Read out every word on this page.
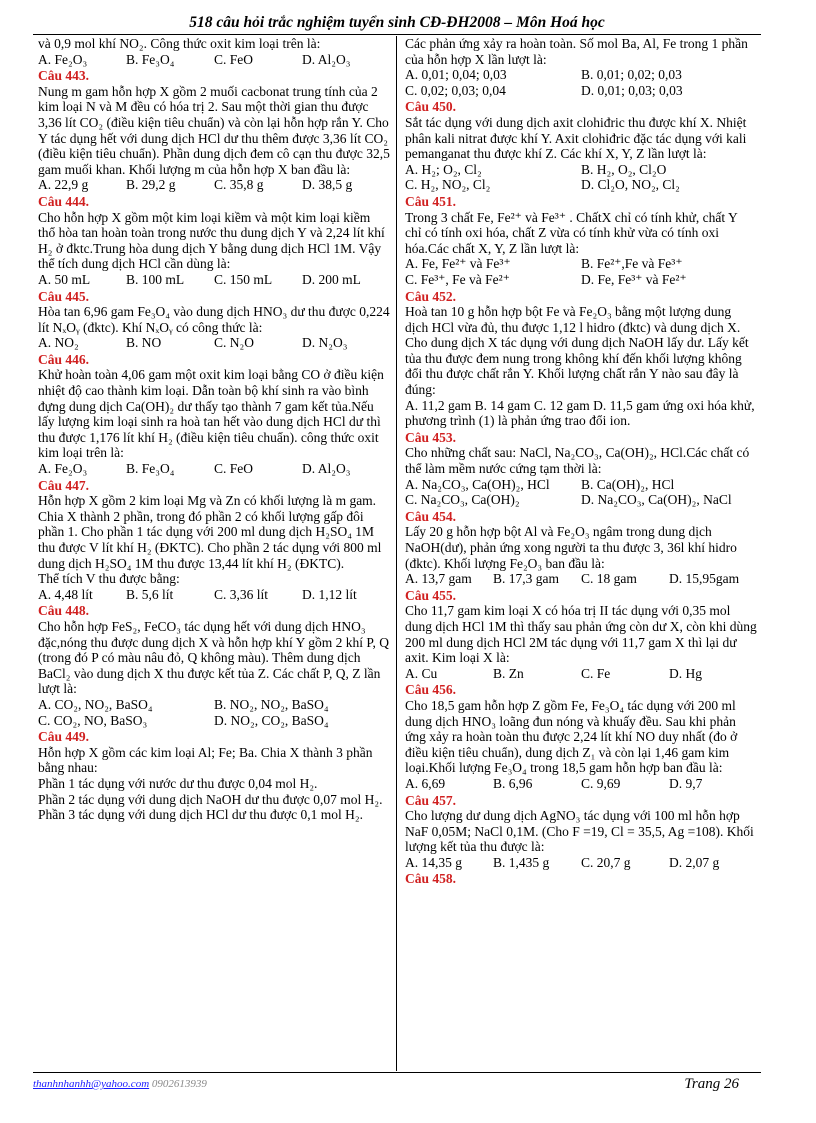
518 câu hỏi trắc nghiệm tuyển sinh CĐ-ĐH2008 – Môn Hoá học
và 0,9 mol khí NO₂. Công thức oxit kim loại trên là:
A. Fe₂O₃	B. Fe₃O₄	C. FeO	D. Al₂O₃
Câu 443.
Nung m gam hỗn hợp X gồm 2 muối cacbonat trung tính của 2 kim loại N và M đều có hóa trị 2. Sau một thời gian thu được 3,36 lít CO₂ (điều kiện tiêu chuẩn) và còn lại hỗn hợp rắn Y. Cho Y tác dụng hết với dung dịch HCl dư thu thêm được 3,36 lít CO₂ (điều kiện tiêu chuẩn). Phần dung dịch đem cô cạn thu được 32,5 gam muối khan. Khối lượng m của hỗn hợp X ban đầu là:
A. 22,9 g	B. 29,2 g	C. 35,8 g	D. 38,5 g
Câu 444.
Cho hỗn hợp X gồm một kim loại kiềm và một kim loại kiềm thổ hòa tan hoàn toàn trong nước thu dung dịch Y và 2,24 lít khí H₂ ở đktc.Trung hòa dung dịch Y bằng dung dịch HCl 1M. Vậy thể tích dung dịch HCl cần dùng là:
A. 50 mL	B. 100 mL	C. 150 mL	D. 200 mL
Câu 445.
Hòa tan 6,96 gam Fe₃O₄ vào dung dịch HNO₃ dư thu được 0,224 lít NₓOᵧ (đktc). Khí NₓOᵧ có công thức là:
A. NO₂	B. NO	C. N₂O	D. N₂O₃
Câu 446.
Khử hoàn toàn 4,06 gam một oxit kim loại bằng CO ở điều kiện nhiệt độ cao thành kim loại. Dẫn toàn bộ khí sinh ra vào bình đựng dung dịch Ca(OH)₂ dư thấy tạo thành 7 gam kết tủa.Nếu lấy lượng kim loại sinh ra hoà tan hết vào dung dịch HCl dư thì thu được 1,176 lít khí H₂ (điều kiện tiêu chuẩn). công thức oxit kim loại trên là:
A. Fe₂O₃	B. Fe₃O₄	C. FeO	D. Al₂O₃
Câu 447.
Hỗn hợp X gồm 2 kim loại Mg và Zn có khối lượng là m gam. Chia X thành 2 phần, trong đó phần 2 có khối lượng gấp đôi phần 1. Cho phần 1 tác dụng với 200 ml dung dịch H₂SO₄ 1M thu được V lít khí H₂ (ĐKTC). Cho phần 2 tác dụng với 800 ml dung dịch H₂SO₄ 1M thu được 13,44 lít khí H₂ (ĐKTC).
Thể tích V thu được bằng:
A. 4,48 lít	B. 5,6 lít	C. 3,36 lít	D. 1,12 lít
Câu 448.
Cho hỗn hợp FeS₂, FeCO₃ tác dụng hết với dung dịch HNO₃ đặc,nóng thu được dung dịch X và hỗn hợp khí Y gồm 2 khí P, Q (trong đó P có màu nâu đỏ, Q không màu). Thêm dung dịch BaCl₂ vào dung dịch X thu được kết tủa Z. Các chất P, Q, Z lần lượt là:
A. CO₂, NO₂, BaSO₄	B. NO₂, NO₂, BaSO₄
C. CO₂, NO, BaSO₃	D. NO₂, CO₂, BaSO₄
Câu 449.
Hỗn hợp X gồm các kim loại Al; Fe; Ba. Chia X thành 3 phần bằng nhau:
Phần 1 tác dụng với nước dư thu được 0,04 mol H₂.
Phần 2 tác dụng với dung dịch NaOH dư thu được 0,07 mol H₂.
Phần 3 tác dụng với dung dịch HCl dư thu được 0,1 mol H₂.
Các phản ứng xảy ra hoàn toàn. Số mol Ba, Al, Fe trong 1 phần của hỗn hợp X lần lượt là:
A. 0,01; 0,04; 0,03	B. 0,01; 0,02; 0,03
C. 0,02; 0,03; 0,04	D. 0,01; 0,03; 0,03
Câu 450.
Sắt tác dụng với dung dịch axit clohiđric thu được khí X. Nhiệt phân kali nitrat được khí Y. Axit clohiđric đặc tác dụng với kali pemanganat thu được khí Z. Các khí X, Y, Z lần lượt là:
A. H₂; O₂, Cl₂	B. H₂, O₂, Cl₂O
C. H₂, NO₂, Cl₂	D. Cl₂O, NO₂, Cl₂
Câu 451.
Trong 3 chất Fe, Fe²⁺ và Fe³⁺ . ChấtX chỉ có tính khử, chất Y chỉ có tính oxi hóa, chất Z vừa có tính khử vừa có tính oxi hóa.Các chất X, Y, Z lần lượt là:
A. Fe, Fe²⁺ và Fe³⁺	B. Fe²⁺,Fe và Fe³⁺
C. Fe³⁺, Fe và Fe²⁺	D. Fe, Fe³⁺ và Fe²⁺
Câu 452.
Hoà tan 10 g hỗn hợp bột Fe và Fe₂O₃ bằng một lượng dung dịch HCl vừa đủ, thu được 1,12 l hidro (đktc) và dung dịch X. Cho dung dịch X tác dụng với dung dịch NaOH lấy dư. Lấy kết tủa thu được đem nung trong không khí đến khối lượng không đổi thu được chất rắn Y. Khối lượng chất rắn Y nào sau đây là đúng:
A. 11,2 gam B. 14 gam C. 12 gam D. 11,5 gam ứng oxi hóa khử, phương trình (1) là phản ứng trao đổi ion.
Câu 453.
Cho những chất sau: NaCl, Na₂CO₃, Ca(OH)₂, HCl.Các chất có thể làm mềm nước cứng tạm thời là:
A. Na₂CO₃, Ca(OH)₂, HCl	B. Ca(OH)₂, HCl
C. Na₂CO₃, Ca(OH)₂	D. Na₂CO₃, Ca(OH)₂, NaCl
Câu 454.
Lấy 20 g hỗn hợp bột Al và Fe₂O₃ ngâm trong dung dịch NaOH(dư), phản ứng xong người ta thu được 3, 36l khí hidro (đktc). Khối lượng Fe₂O₃ ban đầu là:
A. 13,7 gam	B. 17,3 gam	C. 18 gam	D. 15,95gam
Câu 455.
Cho 11,7 gam kim loại X có hóa trị II tác dụng với 0,35 mol dung dịch HCl 1M thì thấy sau phản ứng còn dư X, còn khi dùng 200 ml dung dịch HCl 2M tác dụng với 11,7 gam X thì lại dư axit. Kim loại X là:
A. Cu	B. Zn	C. Fe	D. Hg
Câu 456.
Cho 18,5 gam hỗn hợp Z gồm Fe, Fe₃O₄ tác dụng với 200 ml dung dịch HNO₃ loãng đun nóng và khuấy đều. Sau khi phản ứng xảy ra hoàn toàn thu được 2,24 lít khí NO duy nhất (đo ở điều kiện tiêu chuẩn), dung dịch Z₁ và còn lại 1,46 gam kim loại.Khối lượng Fe₃O₄ trong 18,5 gam hỗn hợp ban đầu là:
A. 6,69	B. 6,96	C. 9,69	D. 9,7
Câu 457.
Cho lượng dư dung dịch AgNO₃ tác dụng với 100 ml hỗn hợp NaF 0,05M; NaCl 0,1M. (Cho F =19, Cl = 35,5, Ag =108). Khối lượng kết tủa thu được là:
A. 14,35 g	B. 1,435 g	C. 20,7 g	D. 2,07 g
Câu 458.
thanhnhanhh@yahoo.com 0902613939	Trang 26
